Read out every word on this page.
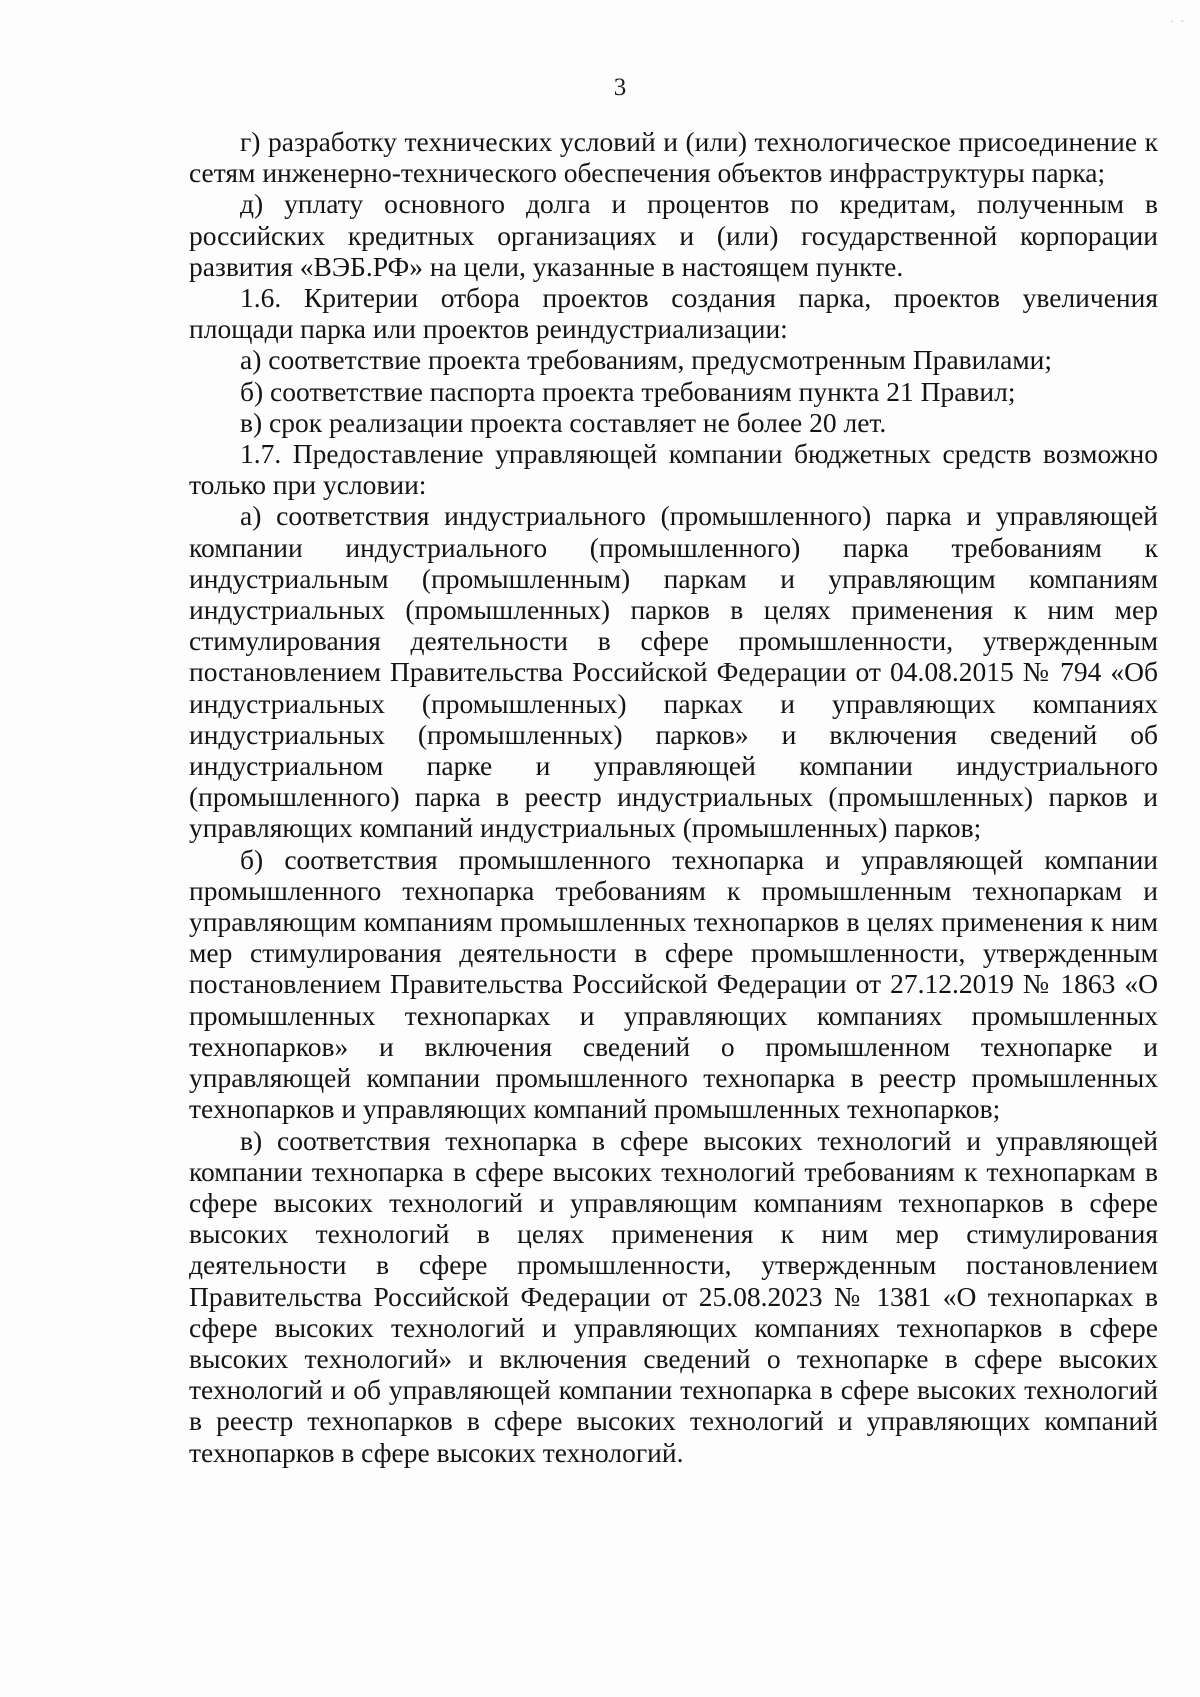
· -
3

г) разработку технических условий и (или) технологическое присоединение к сетям инженерно-технического обеспечения объектов инфраструктуры парка;

д) уплату основного долга и процентов по кредитам, полученным в российских кредитных организациях и (или) государственной корпорации развития «ВЭБ.РФ» на цели, указанные в настоящем пункте.

1.6. Критерии отбора проектов создания парка, проектов увеличения площади парка или проектов реиндустриализации:

а) соответствие проекта требованиям, предусмотренным Правилами;

б) соответствие паспорта проекта требованиям пункта 21 Правил;

в) срок реализации проекта составляет не более 20 лет.

1.7. Предоставление управляющей компании бюджетных средств возможно только при условии:

а) соответствия индустриального (промышленного) парка и управляющей компании индустриального (промышленного) парка требованиям к индустриальным (промышленным) паркам и управляющим компаниям индустриальных (промышленных) парков в целях применения к ним мер стимулирования деятельности в сфере промышленности, утвержденным постановлением Правительства Российской Федерации от 04.08.2015 № 794 «Об индустриальных (промышленных) парках и управляющих компаниях индустриальных (промышленных) парков» и включения сведений об индустриальном парке и управляющей компании индустриального (промышленного) парка в реестр индустриальных (промышленных) парков и управляющих компаний индустриальных (промышленных) парков;

б) соответствия промышленного технопарка и управляющей компании промышленного технопарка требованиям к промышленным технопаркам и управляющим компаниям промышленных технопарков в целях применения к ним мер стимулирования деятельности в сфере промышленности, утвержденным постановлением Правительства Российской Федерации от 27.12.2019 № 1863 «О промышленных технопарках и управляющих компаниях промышленных технопарков» и включения сведений о промышленном технопарке и управляющей компании промышленного технопарка в реестр промышленных технопарков и управляющих компаний промышленных технопарков;

в) соответствия технопарка в сфере высоких технологий и управляющей компании технопарка в сфере высоких технологий требованиям к технопаркам в сфере высоких технологий и управляющим компаниям технопарков в сфере высоких технологий в целях применения к ним мер стимулирования деятельности в сфере промышленности, утвержденным постановлением Правительства Российской Федерации от 25.08.2023 № 1381 «О технопарках в сфере высоких технологий и управляющих компаниях технопарков в сфере высоких технологий» и включения сведений о технопарке в сфере высоких технологий и об управляющей компании технопарка в сфере высоких технологий в реестр технопарков в сфере высоких технологий и управляющих компаний технопарков в сфере высоких технологий.
